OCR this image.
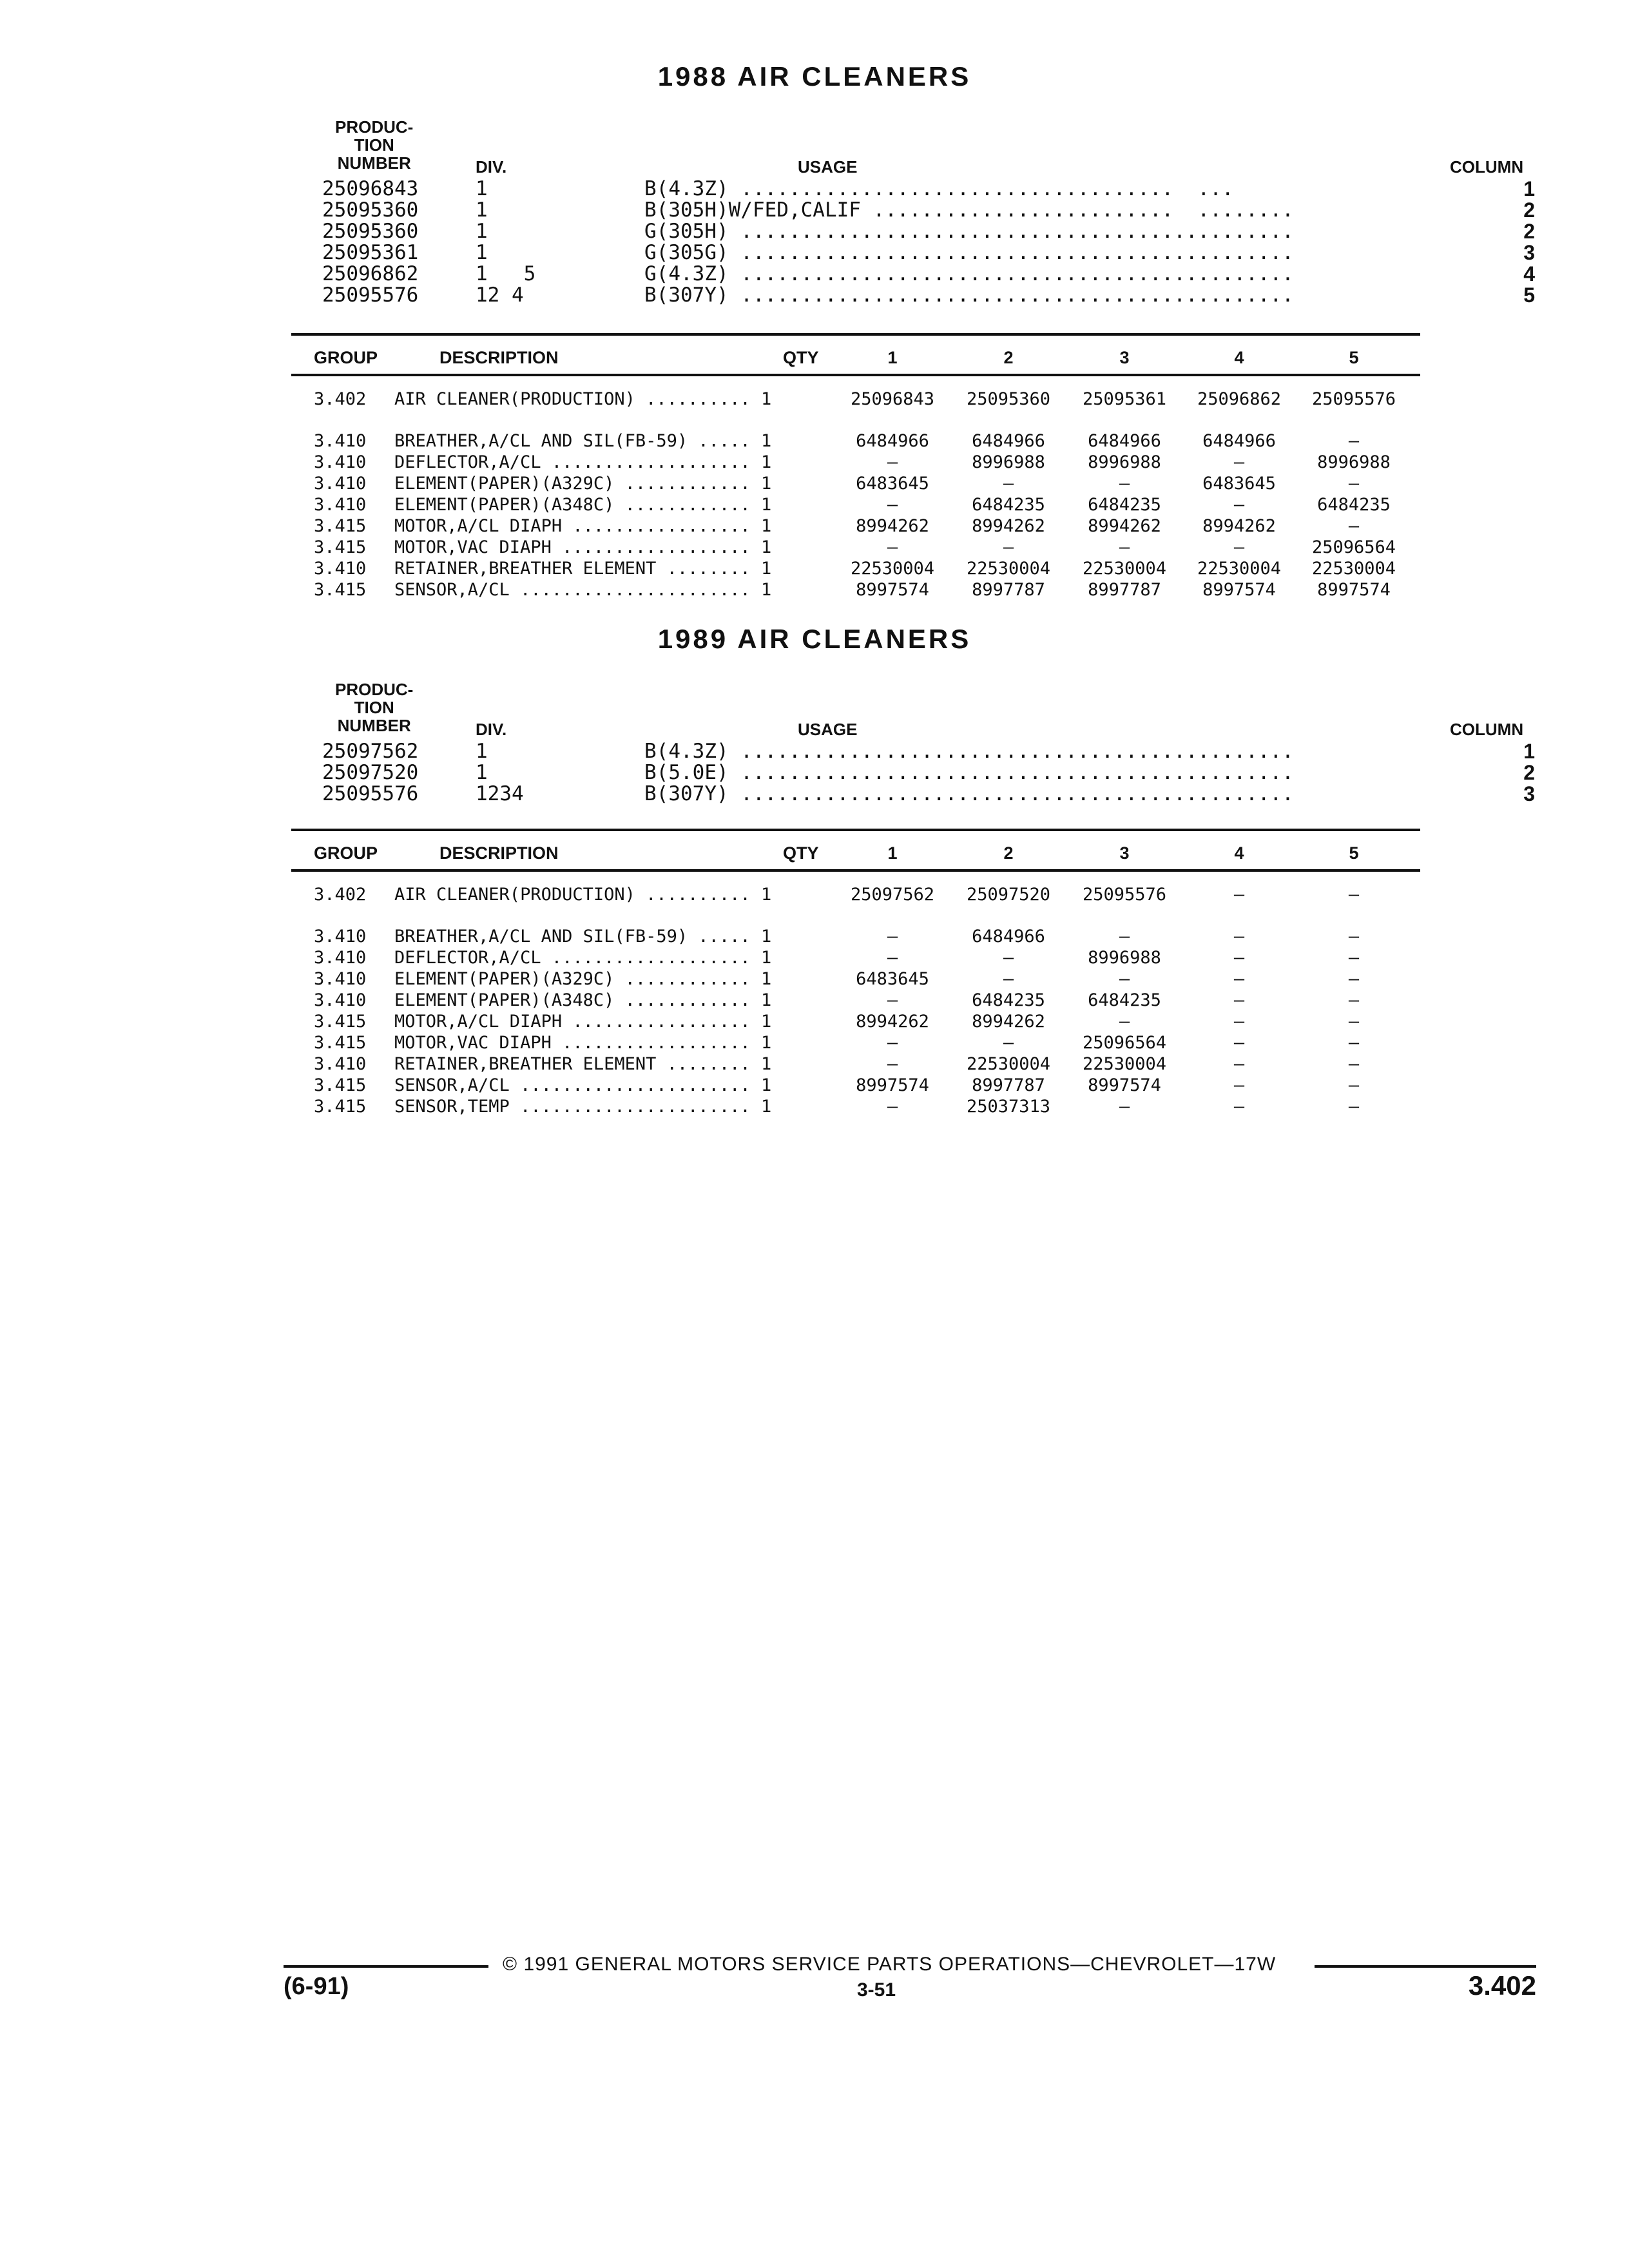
1988 AIR CLEANERS
PRODUC-
TION
NUMBER	DIV.	USAGE	COLUMN
25096843	1	B(4.3Z) ....................................  ...	1
25095360	1	B(305H)W/FED,CALIF .........................  ........	2
25095360	1	G(305H) ..............................................	2
25095361	1	G(305G) ..............................................	3
25096862	1   5	G(4.3Z) ..............................................	4
25095576	12 4	B(307Y) ..............................................	5
GROUP	DESCRIPTION	QTY	1	2	3	4	5
3.402 AIR CLEANER(PRODUCTION) .......... 1	25096843	25095360	25095361	25096862	25095576
3.410 BREATHER,A/CL AND SIL(FB-59) ..... 1	6484966	6484966	6484966	6484966	—
3.410 DEFLECTOR,A/CL ................... 1	—	8996988	8996988	—	8996988
3.410 ELEMENT(PAPER)(A329C) ............ 1	6483645	—	—	6483645	—
3.410 ELEMENT(PAPER)(A348C) ............ 1	—	6484235	6484235	—	6484235
3.415 MOTOR,A/CL DIAPH ................. 1	8994262	8994262	8994262	8994262	—
3.415 MOTOR,VAC DIAPH .................. 1	—	—	—	—	25096564
3.410 RETAINER,BREATHER ELEMENT ........ 1	22530004	22530004	22530004	22530004	22530004
3.415 SENSOR,A/CL ...................... 1	8997574	8997787	8997787	8997574	8997574
1989 AIR CLEANERS
PRODUC-
TION
NUMBER	DIV.	USAGE	COLUMN
25097562	1	B(4.3Z) ..............................................	1
25097520	1	B(5.0E) ..............................................	2
25095576	1234	B(307Y) ..............................................	3
GROUP	DESCRIPTION	QTY	1	2	3	4	5
3.402 AIR CLEANER(PRODUCTION) .......... 1	25097562	25097520	25095576	—	—
3.410 BREATHER,A/CL AND SIL(FB-59) ..... 1	—	6484966	—	—	—
3.410 DEFLECTOR,A/CL ................... 1	—	—	8996988	—	—
3.410 ELEMENT(PAPER)(A329C) ............ 1	6483645	—	—	—	—
3.410 ELEMENT(PAPER)(A348C) ............ 1	—	6484235	6484235	—	—
3.415 MOTOR,A/CL DIAPH ................. 1	8994262	8994262	—	—	—
3.415 MOTOR,VAC DIAPH .................. 1	—	—	25096564	—	—
3.410 RETAINER,BREATHER ELEMENT ........ 1	—	22530004	22530004	—	—
3.415 SENSOR,A/CL ...................... 1	8997574	8997787	8997574	—	—
3.415 SENSOR,TEMP ...................... 1	—	25037313	—	—	—
© 1991 GENERAL MOTORS SERVICE PARTS OPERATIONS—CHEVROLET—17W
(6-91)	3-51	3.402
